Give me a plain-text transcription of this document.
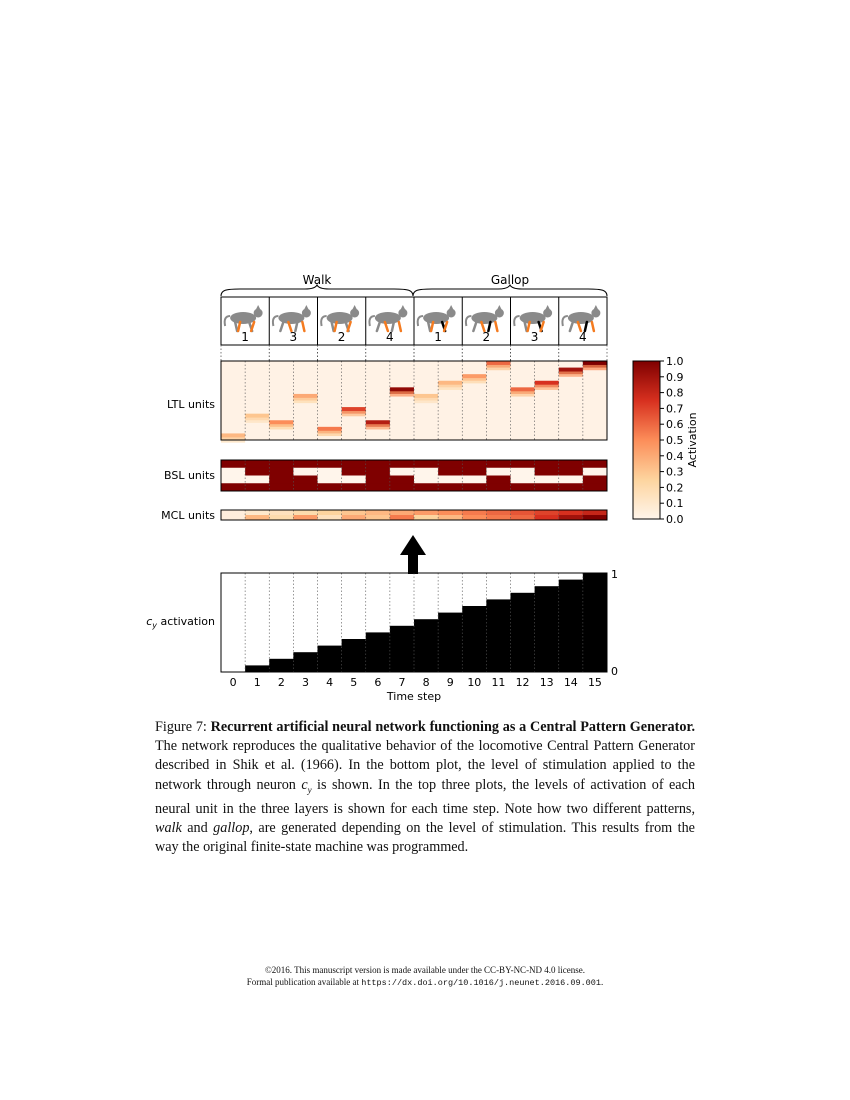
Walk	Gallop
1	3	2	4	1	2	3	4
LTL units
BSL units
MCL units	0.0
0.1
0.2
0.3
0.4
0.5
0.6
0.7
0.8
0.9
1.0
Activation
$c_y$ activation
0 1 2 3 4 5 6 7 8 9 10 11 12 13 14 15
1
0
Time step
Figure 7: Recurrent artificial neural network functioning as a Central Pattern Generator. The network reproduces the qualitative behavior of the locomotive Central Pattern Generator described in Shik et al. (1966). In the bottom plot, the level of stimulation applied to the network through neuron $c_y$ is shown. In the top three plots, the levels of activation of each neural unit in the three layers is shown for each time step. Note how two different patterns, walk and gallop, are generated depending on the level of stimulation. This results from the way the original finite-state machine was programmed.
©2016. This manuscript version is made available under the CC-BY-NC-ND 4.0 license.
Formal publication available at https://dx.doi.org/10.1016/j.neunet.2016.09.001.
